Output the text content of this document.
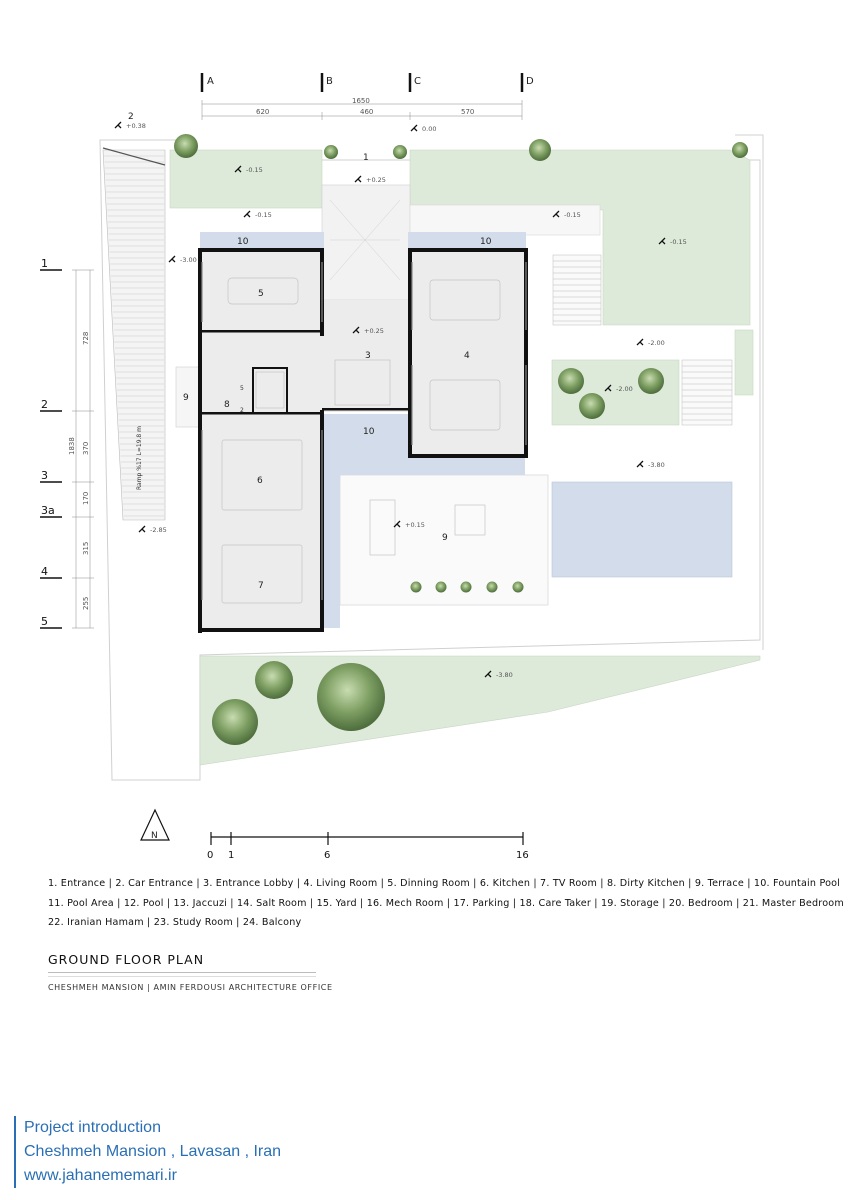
A	B	C	D
1650
620	460	570
1
2
3
3a
4
5
728
370
170
315
255
1838
1
2
3	4
5
6
7
8
9
9
10	10
10
5
2
+0.38	0.00
+0.25
-0.15
-0.15	-0.15
-0.15
-3.00
+0.25
-2.00
-2.00
-3.80
+0.15
-2.85
-3.80
Ramp %17 L=19.8 m
N
0 1	6	16
1. Entrance | 2. Car Entrance | 3. Entrance Lobby | 4. Living Room | 5. Dinning Room | 6. Kitchen | 7. TV Room | 8. Dirty Kitchen | 9. Terrace | 10. Fountain Pool
11. Pool Area | 12. Pool | 13. Jaccuzi | 14. Salt Room | 15. Yard | 16. Mech Room | 17. Parking | 18. Care Taker | 19. Storage | 20. Bedroom | 21. Master Bedroom
22. Iranian Hamam | 23. Study Room | 24. Balcony
GROUND FLOOR PLAN
CHESHMEH MANSION | AMIN FERDOUSI ARCHITECTURE OFFICE
Project introduction
Cheshmeh Mansion , Lavasan , Iran
www.jahanememari.ir
